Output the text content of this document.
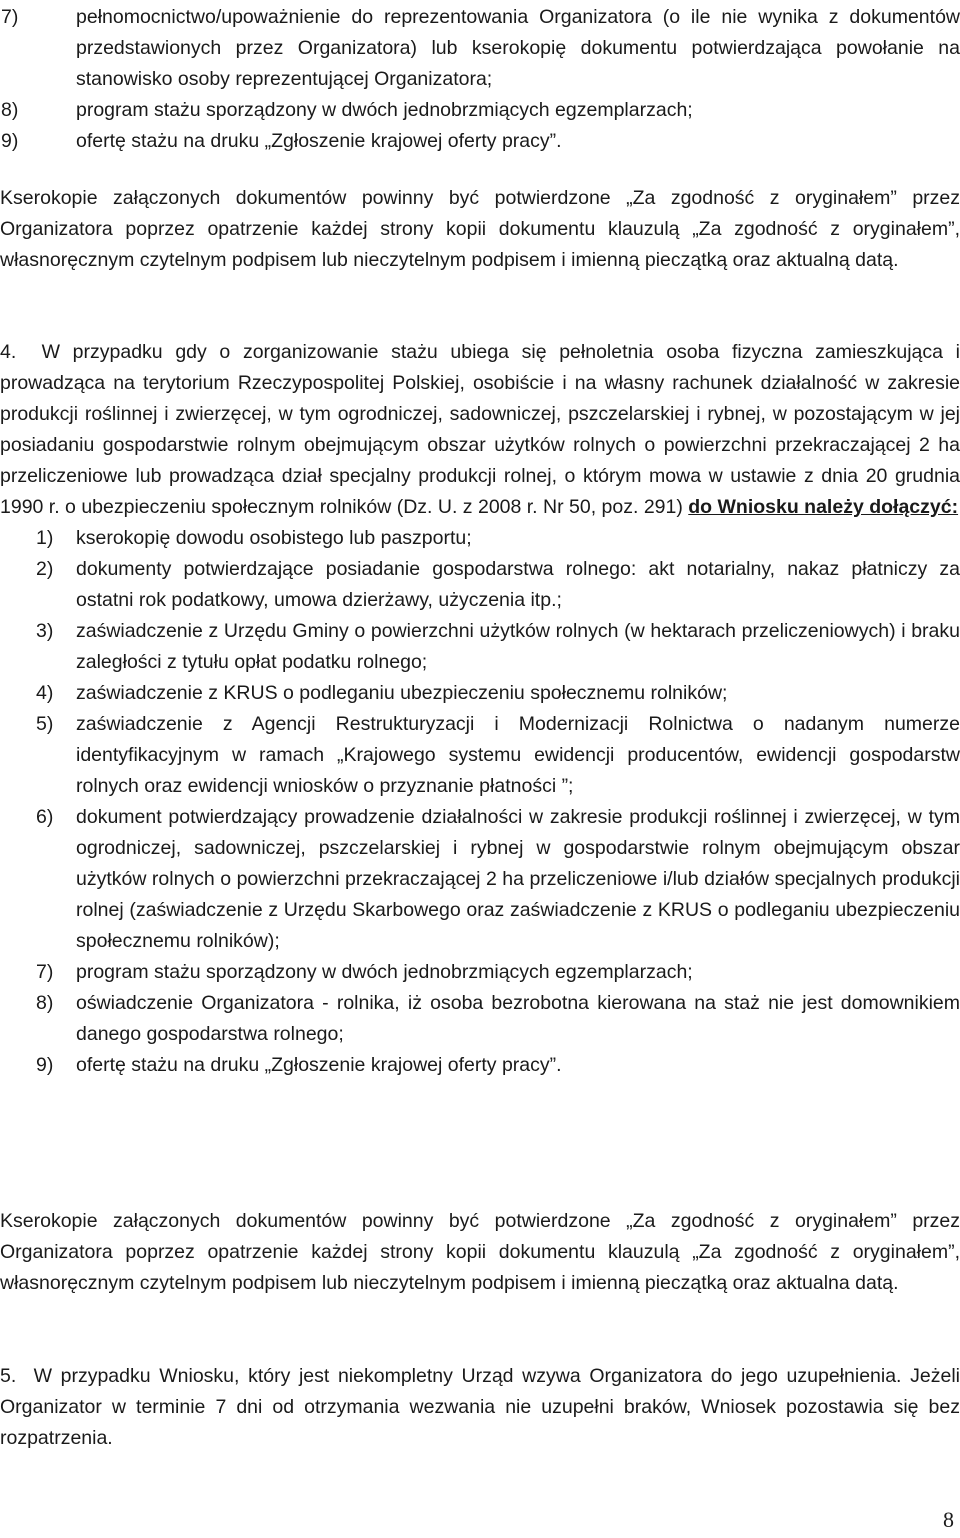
7)	pełnomocnictwo/upoważnienie do reprezentowania Organizatora (o ile nie wynika z dokumentów przedstawionych przez Organizatora) lub kserokopię dokumentu potwierdzająca powołanie na stanowisko osoby reprezentującej Organizatora;
8)	program stażu sporządzony w dwóch jednobrzmiących egzemplarzach;
9)	ofertę stażu na druku „Zgłoszenie krajowej oferty pracy”.
Kserokopie załączonych dokumentów powinny być potwierdzone „Za zgodność z oryginałem” przez Organizatora poprzez opatrzenie każdej strony kopii dokumentu klauzulą „Za zgodność z oryginałem”, własnoręcznym czytelnym podpisem lub nieczytelnym podpisem i imienną pieczątką oraz aktualną datą.
4. W przypadku gdy o zorganizowanie stażu ubiega się pełnoletnia osoba fizyczna zamieszkująca i prowadząca na terytorium Rzeczypospolitej Polskiej, osobiście i na własny rachunek działalność w zakresie produkcji roślinnej i zwierzęcej, w tym ogrodniczej, sadowniczej, pszczelarskiej i rybnej, w pozostającym w jej posiadaniu gospodarstwie rolnym obejmującym obszar użytków rolnych o powierzchni przekraczającej 2 ha przeliczeniowe lub prowadząca dział specjalny produkcji rolnej, o którym mowa w ustawie z dnia 20 grudnia 1990 r. o ubezpieczeniu społecznym rolników (Dz. U. z 2008 r. Nr 50, poz. 291) do Wniosku należy dołączyć:
1) kserokopię dowodu osobistego lub paszportu;
2) dokumenty potwierdzające posiadanie gospodarstwa rolnego: akt notarialny, nakaz płatniczy za ostatni rok podatkowy, umowa dzierżawy, użyczenia itp.;
3) zaświadczenie z Urzędu Gminy o powierzchni użytków rolnych (w hektarach przeliczeniowych) i braku zaległości z tytułu opłat podatku rolnego;
4) zaświadczenie z KRUS o podleganiu ubezpieczeniu społecznemu rolników;
5) zaświadczenie z Agencji Restrukturyzacji i Modernizacji Rolnictwa o nadanym numerze identyfikacyjnym w ramach „Krajowego systemu ewidencji producentów, ewidencji gospodarstw rolnych oraz ewidencji wniosków o przyznanie płatności ”;
6) dokument potwierdzający prowadzenie działalności w zakresie produkcji roślinnej i zwierzęcej, w tym ogrodniczej, sadowniczej, pszczelarskiej i rybnej w gospodarstwie rolnym obejmującym obszar użytków rolnych o powierzchni przekraczającej 2 ha przeliczeniowe i/lub działów specjalnych produkcji rolnej (zaświadczenie z Urzędu Skarbowego oraz zaświadczenie z KRUS o podleganiu ubezpieczeniu społecznemu rolników);
7) program stażu sporządzony w dwóch jednobrzmiących egzemplarzach;
8) oświadczenie Organizatora - rolnika, iż osoba bezrobotna kierowana na staż nie jest domownikiem danego gospodarstwa rolnego;
9) ofertę stażu na druku „Zgłoszenie krajowej oferty pracy”.
Kserokopie załączonych dokumentów powinny być potwierdzone „Za zgodność z oryginałem” przez Organizatora poprzez opatrzenie każdej strony kopii dokumentu klauzulą „Za zgodność z oryginałem”, własnoręcznym czytelnym podpisem lub nieczytelnym podpisem i imienną pieczątką oraz aktualna datą.
5. W przypadku Wniosku, który jest niekompletny Urząd wzywa Organizatora do jego uzupełnienia. Jeżeli Organizator w terminie 7 dni od otrzymania wezwania nie uzupełni braków, Wniosek pozostawia się bez rozpatrzenia.
8
